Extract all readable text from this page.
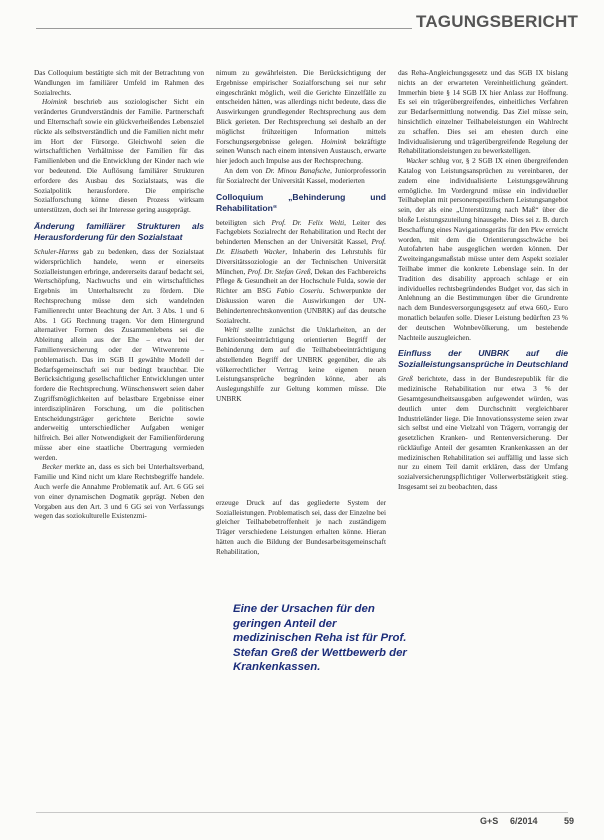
TAGUNGSBERICHT

Das Colloquium bestätigte sich mit der Betrachtung von Wandlungen im familiärer Umfeld im Rahmen des Sozialrechts.

Hoimink beschrieb aus soziologischer Sicht ein verändertes Grundverständnis der Familie. Partnerschaft und Elternschaft sowie ein glückverheißendes Lebensziel rückte als selbstverständlich und die Familien nicht mehr im Hort der Fürsorge. Gleichwohl seien die wirtschaftlichen Verhältnisse der Familien für das Familienleben und die Entwicklung der Kinder nach wie vor bedeutend. Die Auflösung familiärer Strukturen erfordere des Ausbau des Sozialstaats, was die Sozialpolitik herausfordere. Die empirische Sozialforschung könne diesen Prozess wirksam unterstützen, doch sei ihr Interesse gering ausgeprägt.

Änderung familiärer Strukturen als Herausforderung für den Sozialstaat

Schuler-Harms gab zu bedenken, dass der Sozialstaat widersprüchlich handele, wenn er einerseits Sozialleistungen erbringe, andererseits darauf bedacht sei, Wertschöpfung, Nachwuchs und ein wirtschaftliches Ergebnis im Unterhaltsrecht zu fördern. Die Rechtsprechung müsse dem sich wandelnden Familienrecht unter Beachtung der Art. 3 Abs. 1 und 6 Abs. 1 GG Rechnung tragen. Vor dem Hintergrund alternativer Formen des Zusammenlebens sei die Ableitung allein aus der Ehe – etwa bei der Familienversicherung oder der Witwenrente – problematisch. Das im SGB II gewählte Modell der Bedarfsgemeinschaft sei nur bedingt brauchbar. Die Berücksichtigung gesellschaftlicher Entwicklungen unter fordere die Rechtsprechung. Wünschenswert seien daher Zugriffsmöglichkeiten auf belastbare Ergebnisse einer interdisziplinären Forschung, um die politischen Entscheidungsträger gerichtete Berichte sowie anderweitig unterschiedlicher Aufgaben weniger hilfreich. Bei aller Notwendigkeit der Familienförderung müsse aber eine staatliche Übertragung vermieden werden.

Becker merkte an, dass es sich bei Unterhaltsverband, Familie und Kind nicht um klare Rechtsbegriffe handele. Auch werfe die Annahme Problematik auf. Art. 6 GG sei von einer dynamischen Dogmatik geprägt. Neben den Vorgaben aus den Art. 3 und 6 GG sei von Verfassungs wegen das soziokulturelle Existenzmi-

nimum zu gewährleisten. Die Berücksichtigung der Ergebnisse empirischer Sozialforschung sei nur sehr eingeschränkt möglich, weil die Gerichte Einzelfälle zu entscheiden hätten, was allerdings nicht bedeute, dass die Auswirkungen grundlegender Rechtsprechung aus dem Blick gerieten. Der Rechtsprechung sei deshalb an der möglichst frühzeitigen Information mittels Forschungsergebnisse gelegen. Hoimink bekräftigte seinen Wunsch nach einem intensiven Austausch, erwarte hier jedoch auch Impulse aus der Rechtsprechung.

An dem von Dr. Minou Banafsche, Juniorprofessorin für Sozialrecht der Universität Kassel, moderierten

Colloquium „Behinderung und Rehabilitation“

beteiligten sich Prof. Dr. Felix Welti, Leiter des Fachgebiets Sozialrecht der Rehabilitation und Recht der behinderten Menschen an der Universität Kassel, Prof. Dr. Elisabeth Wacker, Inhaberin des Lehrstuhls für Diversitätssoziologie an der Technischen Universität München, Prof. Dr. Stefan Greß, Dekan des Fachbereichs Pflege & Gesundheit an der Hochschule Fulda, sowie der Richter am BSG Fabio Coseriu. Schwerpunkte der Diskussion waren die Auswirkungen der UN-Behindertenrechtskonvention (UNBRK) auf das deutsche Sozialrecht.

Welti stellte zunächst die Unklarheiten, an der Funktionsbeeinträchtigung orientierten Begriff der Behinderung dem auf die Teilhabebeeinträchtigung abstellenden Begriff der UNBRK gegenüber, die als völkerrechtlicher Vertrag keine eigenen neuen Leistungsansprüche begründen könne, aber als Auslegungshilfe zur Geltung kommen müsse. Die UNBRK

erzeuge Druck auf das gegliederte System der Sozialleistungen. Problematisch sei, dass der Einzelne bei gleicher Teilhabebetroffenheit je nach zuständigem Träger verschiedene Leistungen erhalten könne. Hieran hätten auch die Bildung der Bundesarbeitsgemeinschaft Rehabilitation,

das Reha-Angleichungsgesetz und das SGB IX bislang nichts an der erwarteten Vereinheitlichung geändert. Immerhin biete § 14 SGB IX hier Anlass zur Hoffnung. Es sei ein trägerübergreifendes, einheitliches Verfahren zur Bedarfsermittlung notwendig. Das Ziel müsse sein, hinsichtlich einzelner Teilhabeleistungen ein Wahlrecht zu schaffen. Dies sei am ehesten durch eine Individualisierung und trägerübergreifende Regelung der Rehabilitationsleistungen zu bewerkstelligen.

Wacker schlug vor, § 2 SGB IX einen übergreifenden Katalog von Leistungsansprüchen zu vereinbaren, der zudem eine individualisierte Leistungsgewährung ermögliche. Im Vordergrund müsse ein individueller Teilhabeplan mit personenspezifischem Leistungsangebot sein, der als eine „Unterstützung nach Maß“ über die bloße Leistungszuteilung hinausgehe. Dies sei z. B. durch Beschaffung eines Navigationsgeräts für den Pkw erreicht worden, mit dem die Orientierungsschwäche bei Autofahrten habe ausgeglichen werden können. Der Zweiteingangsmaßstab müsse unter dem Aspekt sozialer Teilhabe immer die konkrete Lebenslage sein. In der Tradition des disability approach schlage er ein individuelles rechtsbegründendes Budget vor, das sich in Anlehnung an die Bestimmungen über die Grundrente nach dem Bundesversorgungsgesetz auf etwa 660,- Euro monatlich belaufen solle. Dieser Leistung bedürften 23 % der deutschen Wohnbevölkerung, um bestehende Nachteile auszugleichen.

Einfluss der UNBRK auf die Sozialleistungsansprüche in Deutschland

Greß berichtete, dass in der Bundesrepublik für die medizinische Rehabilitation nur etwa 3 % der Gesamtgesundheitsausgaben aufgewendet würden, was deutlich unter dem Durchschnitt vergleichbarer Industrieländer liege. Die Innovationssysteme seien zwar sich selbst und eine Vielzahl von Trägern, vorrangig der gesetzlichen Kranken- und Rentenversicherung. Der rückläufige Anteil der gesamten Krankenkassen an der medizinischen Rehabilitation sei auffällig und lasse sich nur zu einem Teil damit erklären, dass der Umfang sozialversicherungspflichtiger Vollerwerbstätigkeit stieg. Insgesamt sei zu beobachten, dass

Eine der Ursachen für den geringen Anteil der medizinischen Reha ist für Prof. Stefan Greß der Wettbewerb der Krankenkassen.
G+S 6/2014	59
